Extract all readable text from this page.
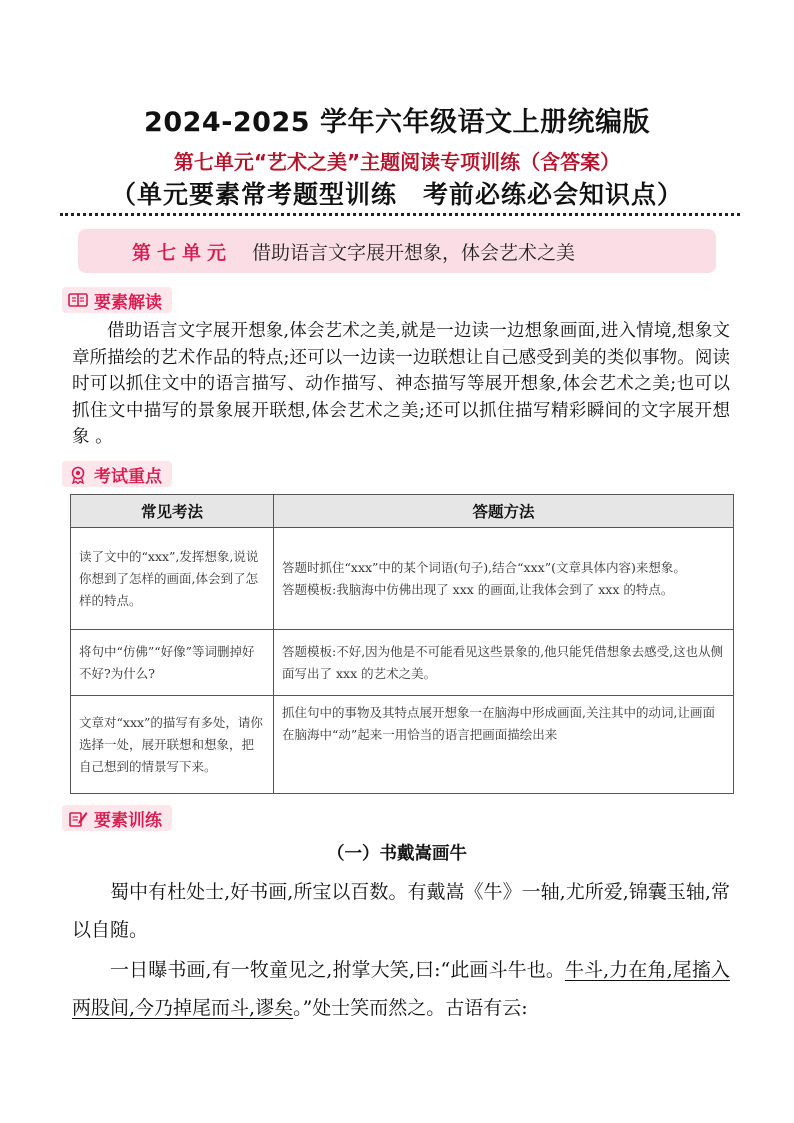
2024-2025 学年六年级语文上册统编版
第七单元“艺术之美”主题阅读专项训练（含答案）
（单元要素常考题型训练　考前必练必会知识点）
第七单元 借助语言文字展开想象，体会艺术之美
要素解读

借助语言文字展开想象,体会艺术之美,就是一边读一边想象画面,进入情境,想象文章所描绘的艺术作品的特点;还可以一边读一边联想让自己感受到美的类似事物。阅读时可以抓住文中的语言描写、动作描写、神态描写等展开想象,体会艺术之美;也可以抓住文中描写的景象展开联想,体会艺术之美;还可以抓住描写精彩瞬间的文字展开想象 。

考试重点
常见考法	答题方法
读了文中的“xxx”,发挥想象,说说你想到了怎样的画面,体会到了怎样的特点。	答题时抓住“xxx”中的某个词语(句子),结合“xxx”(文章具体内容)来想象。
答题模板:我脑海中仿佛出现了 xxx 的画面,让我体会到了 xxx 的特点。

将句中“仿佛”“好像”等词删掉好不好?为什么?	答题模板:不好,因为他是不可能看见这些景象的,他只能凭借想象去感受,这也从侧面写出了 xxx 的艺术之美。

文章对“xxx”的描写有多处，请你选择一处，展开联想和想象，把自己想到的情景写下来。	抓住句中的事物及其特点展开想象一在脑海中形成画面,关注其中的动词,让画面在脑海中“动”起来一用恰当的语言把画面描绘出来
要素训练
（一）书戴嵩画牛

蜀中有杜处士,好书画,所宝以百数。有戴嵩《牛》一轴,尤所爱,锦囊玉轴,常以自随。

一日曝书画,有一牧童见之,拊掌大笑,曰:“此画斗牛也。牛斗,力在角,尾搐入两股间,今乃掉尾而斗,谬矣。”处士笑而然之。古语有云:
